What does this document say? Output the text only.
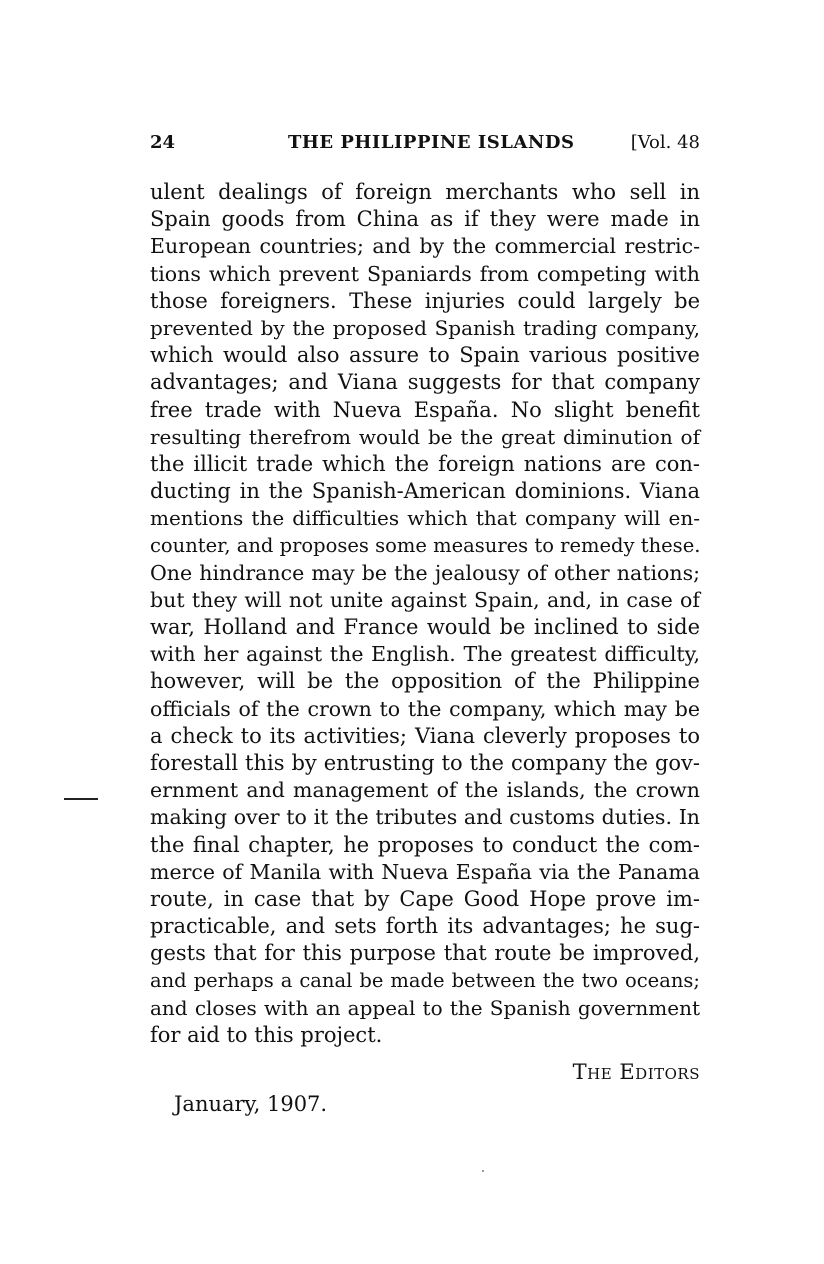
24	THE PHILIPPINE ISLANDS	[Vol. 48
ulent dealings of foreign merchants who sell in
Spain goods from China as if they were made in
European countries; and by the commercial restric-
tions which prevent Spaniards from competing with
those foreigners. These injuries could largely be
prevented by the proposed Spanish trading company,
which would also assure to Spain various positive
advantages; and Viana suggests for that company
free trade with Nueva España. No slight benefit
resulting therefrom would be the great diminution of
the illicit trade which the foreign nations are con-
ducting in the Spanish-American dominions. Viana
mentions the difficulties which that company will en-
counter, and proposes some measures to remedy these.
One hindrance may be the jealousy of other nations;
but they will not unite against Spain, and, in case of
war, Holland and France would be inclined to side
with her against the English. The greatest difficulty,
however, will be the opposition of the Philippine
officials of the crown to the company, which may be
a check to its activities; Viana cleverly proposes to
forestall this by entrusting to the company the gov-
ernment and management of the islands, the crown
making over to it the tributes and customs duties. In
the final chapter, he proposes to conduct the com-
merce of Manila with Nueva España via the Panama
route, in case that by Cape Good Hope prove im-
practicable, and sets forth its advantages; he sug-
gests that for this purpose that route be improved,
and perhaps a canal be made between the two oceans;
and closes with an appeal to the Spanish government
for aid to this project.
The Editors
January, 1907.
